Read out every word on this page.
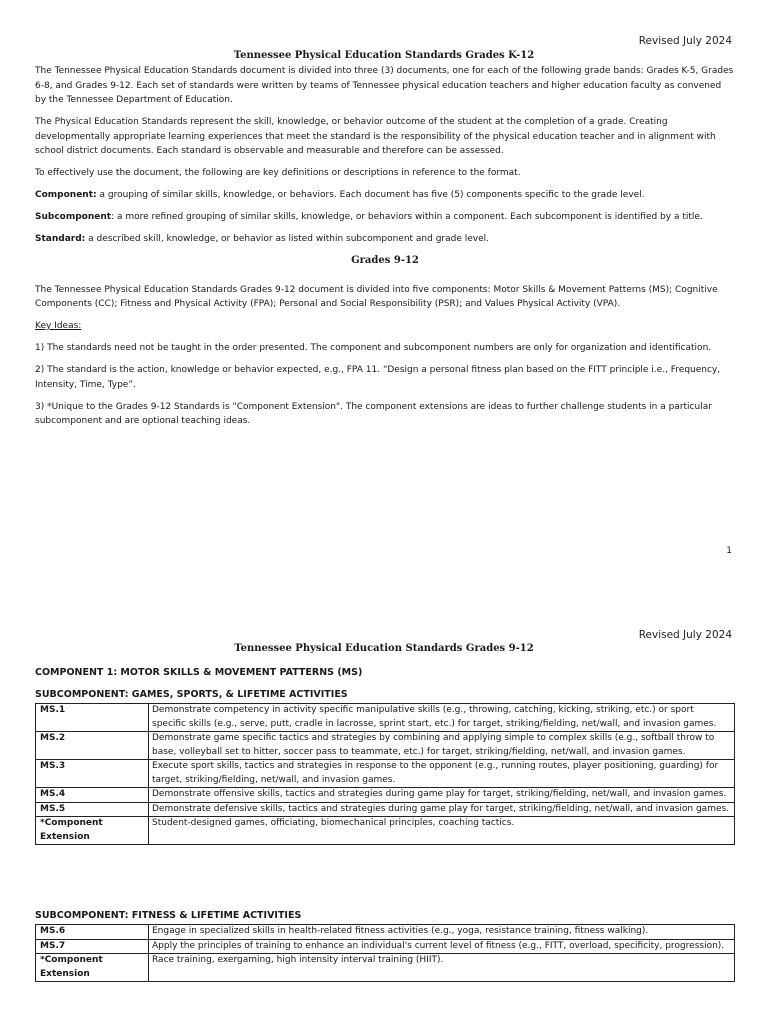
Revised July 2024
Tennessee Physical Education Standards Grades K-12

The Tennessee Physical Education Standards document is divided into three (3) documents, one for each of the following grade bands: Grades K-5, Grades 6-8, and Grades 9-12. Each set of standards were written by teams of Tennessee physical education teachers and higher education faculty as convened by the Tennessee Department of Education.

The Physical Education Standards represent the skill, knowledge, or behavior outcome of the student at the completion of a grade. Creating developmentally appropriate learning experiences that meet the standard is the responsibility of the physical education teacher and in alignment with school district documents. Each standard is observable and measurable and therefore can be assessed.

To effectively use the document, the following are key definitions or descriptions in reference to the format.

Component: a grouping of similar skills, knowledge, or behaviors. Each document has five (5) components specific to the grade level.

Subcomponent: a more refined grouping of similar skills, knowledge, or behaviors within a component. Each subcomponent is identified by a title.

Standard: a described skill, knowledge, or behavior as listed within subcomponent and grade level.

Grades 9-12

The Tennessee Physical Education Standards Grades 9-12 document is divided into five components: Motor Skills & Movement Patterns (MS); Cognitive Components (CC); Fitness and Physical Activity (FPA); Personal and Social Responsibility (PSR); and Values Physical Activity (VPA).

Key Ideas:

1) The standards need not be taught in the order presented. The component and subcomponent numbers are only for organization and identification.

2) The standard is the action, knowledge or behavior expected, e.g., FPA 11. “Design a personal fitness plan based on the FITT principle i.e., Frequency, Intensity, Time, Type”.

3) *Unique to the Grades 9-12 Standards is "Component Extension". The component extensions are ideas to further challenge students in a particular subcomponent and are optional teaching ideas.

1
Revised July 2024
Tennessee Physical Education Standards Grades 9-12
COMPONENT 1: MOTOR SKILLS & MOVEMENT PATTERNS (MS)
SUBCOMPONENT: GAMES, SPORTS, & LIFETIME ACTIVITIES
MS.1	Demonstrate competency in activity specific manipulative skills (e.g., throwing, catching, kicking, striking, etc.) or sport specific skills (e.g., serve, putt, cradle in lacrosse, sprint start, etc.) for target, striking/fielding, net/wall, and invasion games.
MS.2	Demonstrate game specific tactics and strategies by combining and applying simple to complex skills (e.g., softball throw to base, volleyball set to hitter, soccer pass to teammate, etc.) for target, striking/fielding, net/wall, and invasion games.
MS.3	Execute sport skills, tactics and strategies in response to the opponent (e.g., running routes, player positioning, guarding) for target, striking/fielding, net/wall, and invasion games.
MS.4	Demonstrate offensive skills, tactics and strategies during game play for target, striking/fielding, net/wall, and invasion games.
MS.5	Demonstrate defensive skills, tactics and strategies during game play for target, striking/fielding, net/wall, and invasion games.
*Component Extension	Student-designed games, officiating, biomechanical principles, coaching tactics.
SUBCOMPONENT: FITNESS & LIFETIME ACTIVITIES
MS.6	Engage in specialized skills in health-related fitness activities (e.g., yoga, resistance training, fitness walking).
MS.7	Apply the principles of training to enhance an individual's current level of fitness (e.g., FITT, overload, specificity, progression).
*Component Extension	Race training, exergaming, high intensity interval training (HIIT).
